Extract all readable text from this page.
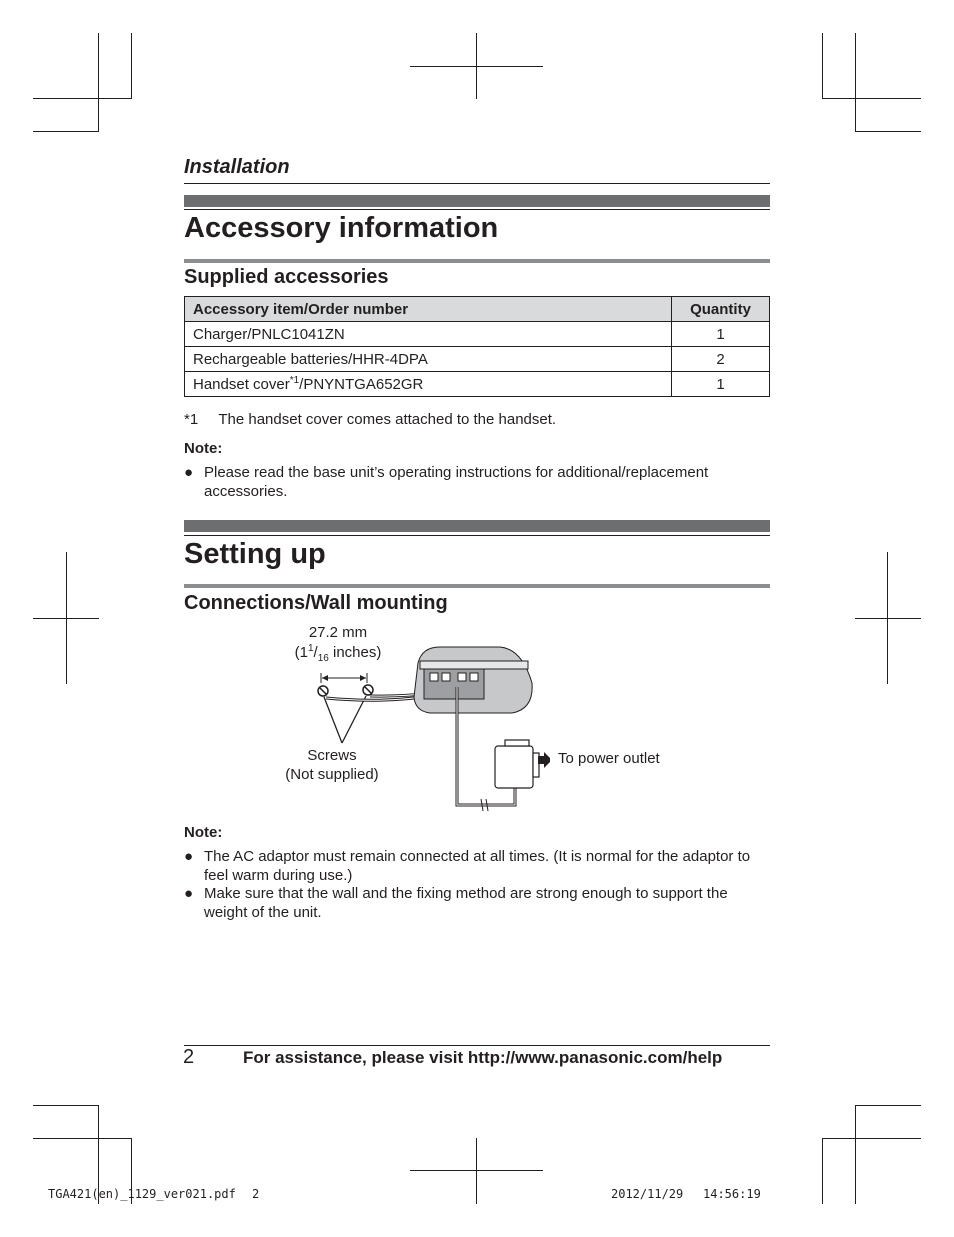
Installation
Accessory information
Supplied accessories
Accessory item/Order number	Quantity
Charger/PNLC1041ZN	1
Rechargeable batteries/HHR-4DPA	2
Handset cover$^{*1}$/PNYNTGA652GR	1
*1 The handset cover comes attached to the handset.
Note:
● Please read the base unit’s operating instructions for additional/replacement accessories.
Setting up
Connections/Wall mounting
27.2 mm
($1^1/_{16}$ inches)
Screws
(Not supplied)
To power outlet
Note:
● The AC adaptor must remain connected at all times. (It is normal for the adaptor to feel warm during use.)
● Make sure that the wall and the fixing method are strong enough to support the weight of the unit.
2	For assistance, please visit http://www.panasonic.com/help
TGA421(en)_1129_ver021.pdf 2	2012/11/29 14:56:19
